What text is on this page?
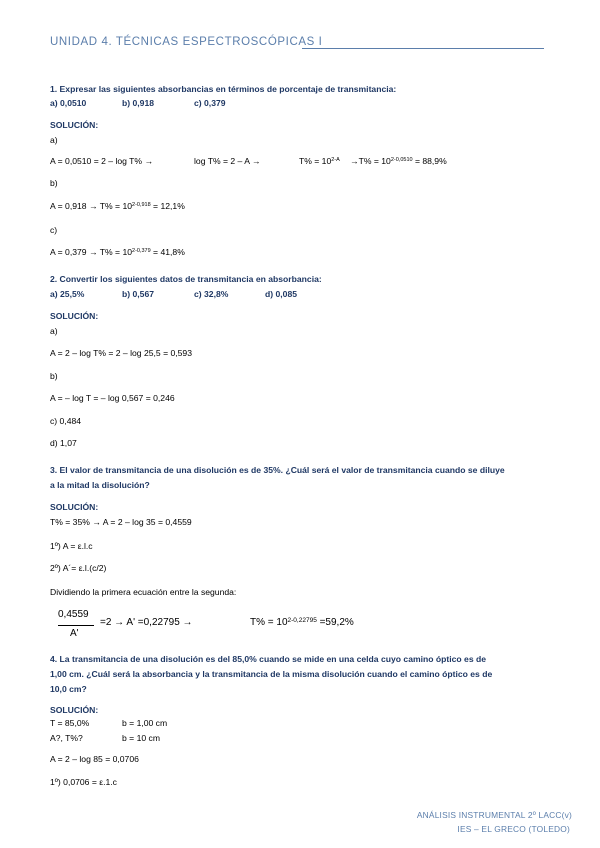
UNIDAD 4. TÉCNICAS ESPECTROSCÓPICAS I
1. Expresar las siguientes absorbancias en términos de porcentaje de transmitancia:
a) 0,0510	b) 0,918	c) 0,379
SOLUCIÓN:
a)
A = 0,0510 = 2 – log T% →	log T% = 2 – A →	$T\% = 10^{2-A} \to T\% = 10^{2-0,0510} = 88,9\%$
b)
$A = 0,918 \to T\% = 10^{2-0,918} = 12,1\%$
c)
$A = 0,379 \to T\% = 10^{2-0,379} = 41,8\%$
2. Convertir los siguientes datos de transmitancia en absorbancia:
a) 25,5%	b) 0,567	c) 32,8%	d) 0,085
SOLUCIÓN:
a)
A = 2 – log T% = 2 – log 25,5 = 0,593
b)
A = – log T = – log 0,567 = 0,246
c) 0,484
d) 1,07
3. El valor de transmitancia de una disolución es de 35%. ¿Cuál será el valor de transmitancia cuando se diluye
a la mitad la disolución?
SOLUCIÓN:
T% = 35% → A = 2 – log 35 = 0,4559
1º) A = ε.l.c
2º) A´= ε.l.(c/2)
Dividiendo la primera ecuación entre la segunda:
0,4559
A'
=2 → A' =0,22795 →	$T\% = 10^{2-0,22795} =59,2\%$
4. La transmitancia de una disolución es del 85,0% cuando se mide en una celda cuyo camino óptico es de
1,00 cm. ¿Cuál será la absorbancia y la transmitancia de la misma disolución cuando el camino óptico es de
10,0 cm?
SOLUCIÓN:
T = 85,0%	b = 1,00 cm
A?, T%?	b = 10 cm
A = 2 – log 85 = 0,0706
1º) 0,0706 = ε.1.c
ANÁLISIS INSTRUMENTAL 2º LACC(v)
IES – EL GRECO (TOLEDO)
